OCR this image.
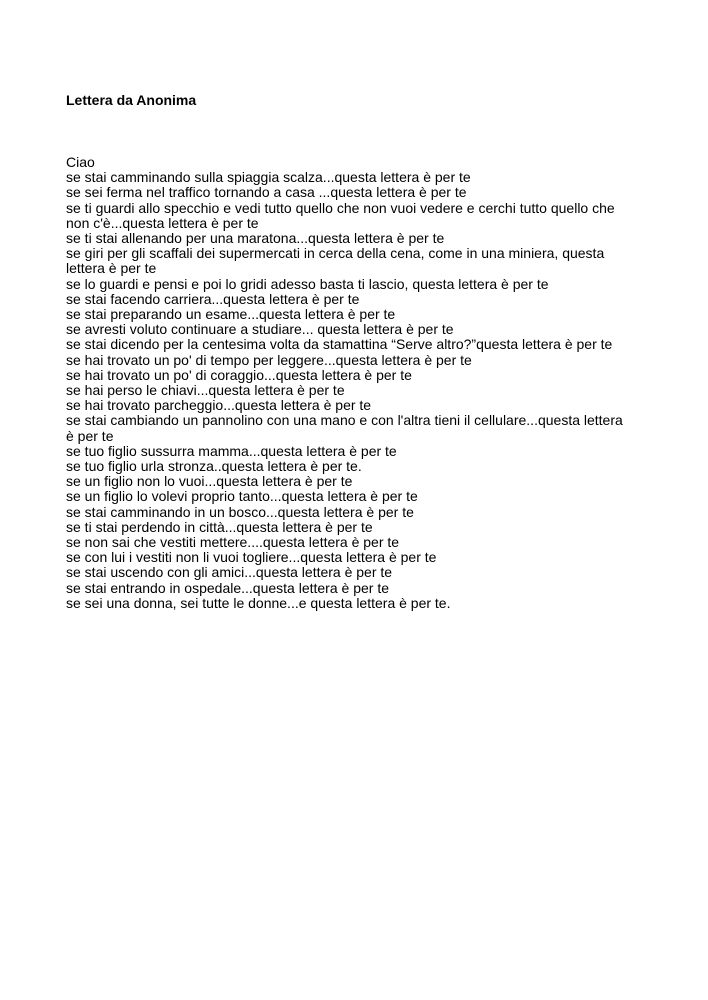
Lettera da Anonima
Ciao
se stai camminando sulla spiaggia scalza...questa lettera è per te
se sei ferma nel traffico tornando a casa ...questa lettera è per te
se ti guardi allo specchio e vedi tutto quello che non vuoi vedere e cerchi tutto quello che
non c'è...questa lettera è per te
se ti stai allenando per una maratona...questa lettera è per te
se giri per gli scaffali dei supermercati in cerca della cena, come in una miniera, questa
lettera è per te
se lo guardi e pensi e poi lo gridi adesso basta ti lascio, questa lettera è per te
se stai facendo carriera...questa lettera è per te
se stai preparando un esame...questa lettera è per te
se avresti voluto continuare a studiare... questa lettera è per te
se stai dicendo per la centesima volta da stamattina “Serve altro?”questa lettera è per te
se hai trovato un po' di tempo per leggere...questa lettera è per te
se hai trovato un po' di coraggio...questa lettera è per te
se hai perso le chiavi...questa lettera è per te
se hai trovato parcheggio...questa lettera è per te
se stai cambiando un pannolino con una mano e con l'altra tieni il cellulare...questa lettera
è per te
se tuo figlio sussurra mamma...questa lettera è per te
se tuo figlio urla stronza..questa lettera è per te.
se un figlio non lo vuoi...questa lettera è per te
se un figlio lo volevi proprio tanto...questa lettera è per te
se stai camminando in un bosco...questa lettera è per te
se ti stai perdendo in città...questa lettera è per te
se non sai che vestiti mettere....questa lettera è per te
se con lui i vestiti non li vuoi togliere...questa lettera è per te
se stai uscendo con gli amici...questa lettera è per te
se stai entrando in ospedale...questa lettera è per te
se sei una donna, sei tutte le donne...e questa lettera è per te.
